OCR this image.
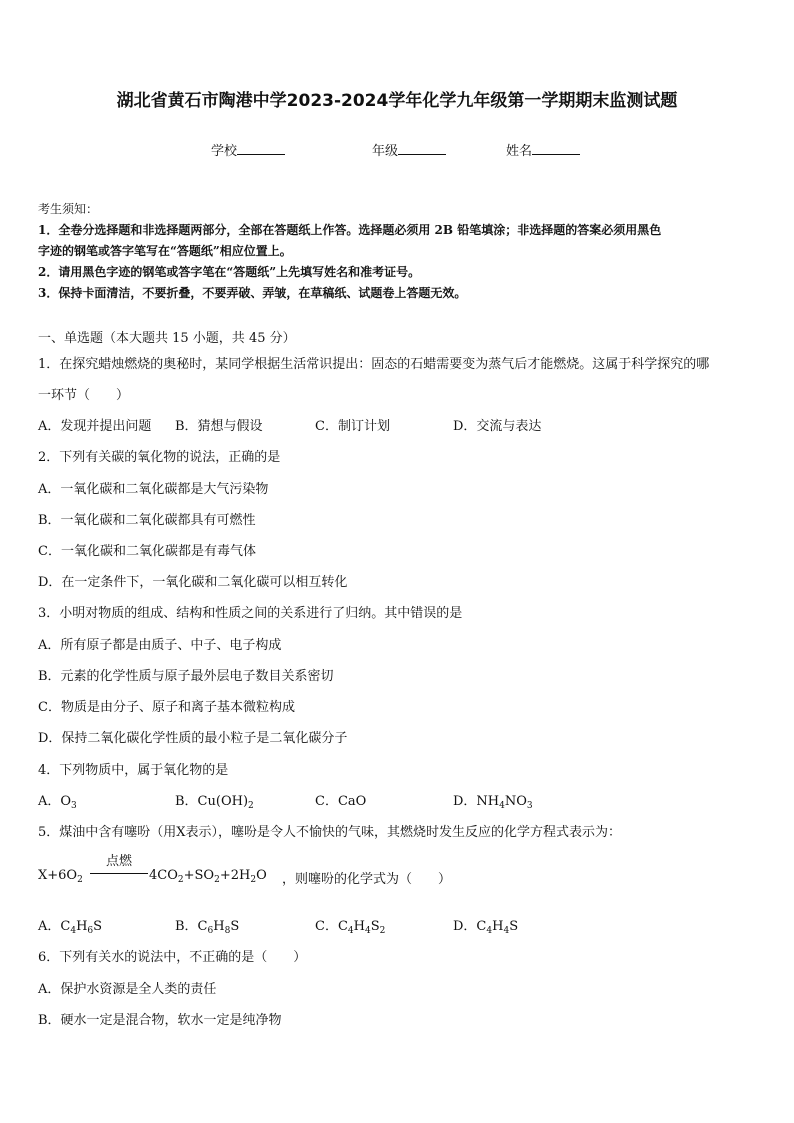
湖北省黄石市陶港中学2023-2024学年化学九年级第一学期期末监测试题
学校	年级	姓名
考生须知：
1．全卷分选择题和非选择题两部分，全部在答题纸上作答。选择题必须用 2B 铅笔填涂；非选择题的答案必须用黑色
字迹的钢笔或答字笔写在“答题纸”相应位置上。
2．请用黑色字迹的钢笔或答字笔在“答题纸”上先填写姓名和准考证号。
3．保持卡面清洁，不要折叠，不要弄破、弄皱，在草稿纸、试题卷上答题无效。
一、单选题（本大题共 15 小题，共 45 分）
1．在探究蜡烛燃烧的奥秘时，某同学根据生活常识提出：固态的石蜡需要变为蒸气后才能燃烧。这属于科学探究的哪
一环节（　　）
A．发现并提出问题 B．猜想与假设	C．制订计划	D．交流与表达
2．下列有关碳的氧化物的说法，正确的是
A．一氧化碳和二氧化碳都是大气污染物
B．一氧化碳和二氧化碳都具有可燃性
C．一氧化碳和二氧化碳都是有毒气体
D．在一定条件下，一氧化碳和二氧化碳可以相互转化
3．小明对物质的组成、结构和性质之间的关系进行了归纳。其中错误的是
A．所有原子都是由质子、中子、电子构成
B．元素的化学性质与原子最外层电子数目关系密切
C．物质是由分子、原子和离子基本微粒构成
D．保持二氧化碳化学性质的最小粒子是二氧化碳分子
4．下列物质中，属于氧化物的是
A．$O_3$	B．$Cu(OH)_2$	C．CaO	D．$NH_4NO_3$
5．煤油中含有噻吩（用X表示），噻吩是令人不愉快的气味，其燃烧时发生反应的化学方程式表示为：
$X+6O_2$
点燃
$4CO_2+SO_2+2H_2O$ ，则噻吩的化学式为（　　）
A．$C_4H_6S$	B．$C_6H_8S$	C．$C_4H_4S_2$	D．$C_4H_4S$
6．下列有关水的说法中，不正确的是（　　）
A．保护水资源是全人类的责任
B．硬水一定是混合物，软水一定是纯净物
